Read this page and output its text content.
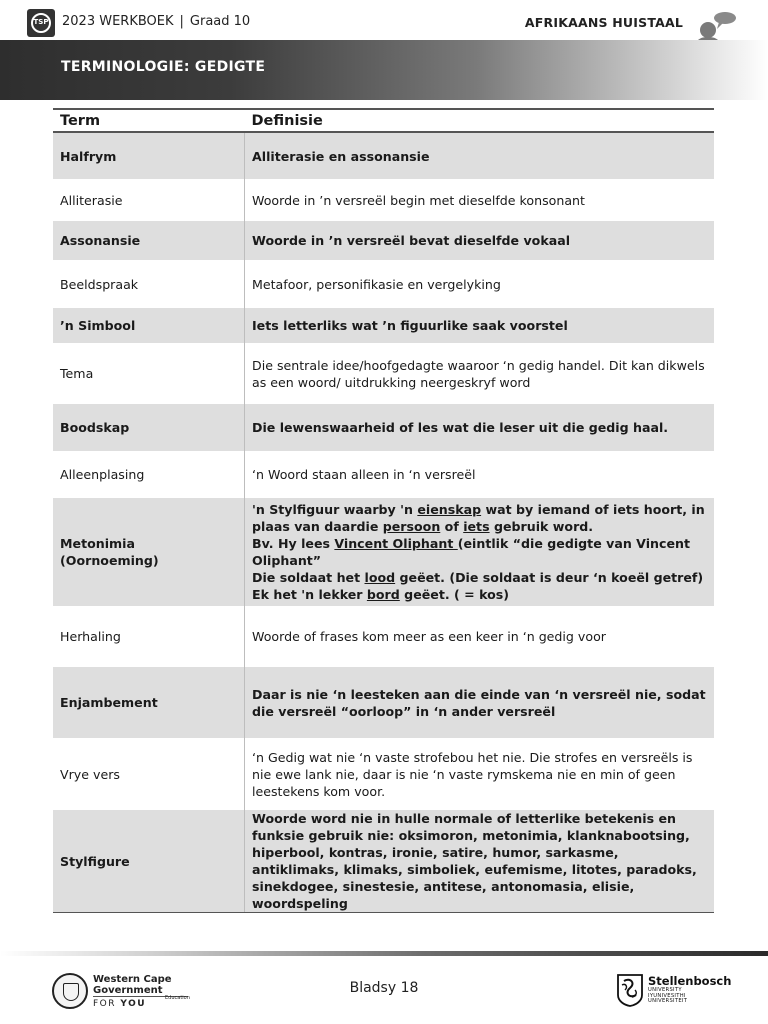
TSP	2023 WERKBOEK | Graad 10	AFRIKAANS HUISTAAL
TERMINOLOGIE: GEDIGTE
Term	Definisie
Halfrym	Alliterasie en assonansie
Alliterasie	Woorde in ’n versreël begin met dieselfde konsonant
Assonansie	Woorde in ’n versreël bevat dieselfde vokaal
Beeldspraak	Metafoor, personifikasie en vergelyking
’n Simbool	Iets letterliks wat ’n figuurlike saak voorstel
Tema	Die sentrale idee/hoofgedagte waaroor ‘n gedig handel. Dit kan dikwels as een woord/ uitdrukking neergeskryf word
Boodskap	Die lewenswaarheid of les wat die leser uit die gedig haal.
Alleenplasing	‘n Woord staan alleen in ‘n versreël
Metonimia (Oornoeming)	'n Stylfiguur waarby 'n eienskap wat by iemand of iets hoort, in plaas van daardie persoon of iets gebruik word.
Bv. Hy lees Vincent Oliphant (eintlik “die gedigte van Vincent Oliphant”
Die soldaat het lood geëet. (Die soldaat is deur ‘n koeël getref)
Ek het 'n lekker bord geëet. ( = kos)
Herhaling	Woorde of frases kom meer as een keer in ‘n gedig voor
Enjambement	Daar is nie ‘n leesteken aan die einde van ‘n versreël nie, sodat die versreël “oorloop” in ‘n ander versreël
Vrye vers	‘n Gedig wat nie ‘n vaste strofebou het nie. Die strofes en versreëls is nie ewe lank nie, daar is nie ‘n vaste rymskema nie en min of geen leestekens kom voor.
Stylfigure	Woorde word nie in hulle normale of letterlike betekenis en funksie gebruik nie: oksimoron, metonimia, klanknabootsing, hiperbool, kontras, ironie, satire, humor, sarkasme, antiklimaks, klimaks, simboliek, eufemisme, litotes, paradoks, sinekdogee, sinestesie, antitese, antonomasia, elisie, woordspeling
Western Cape
Government
Education
FOR YOU
Bladsy 18	Stellenbosch
UNIVERSITY
IYUNIVESITHI
UNIVERSITEIT
